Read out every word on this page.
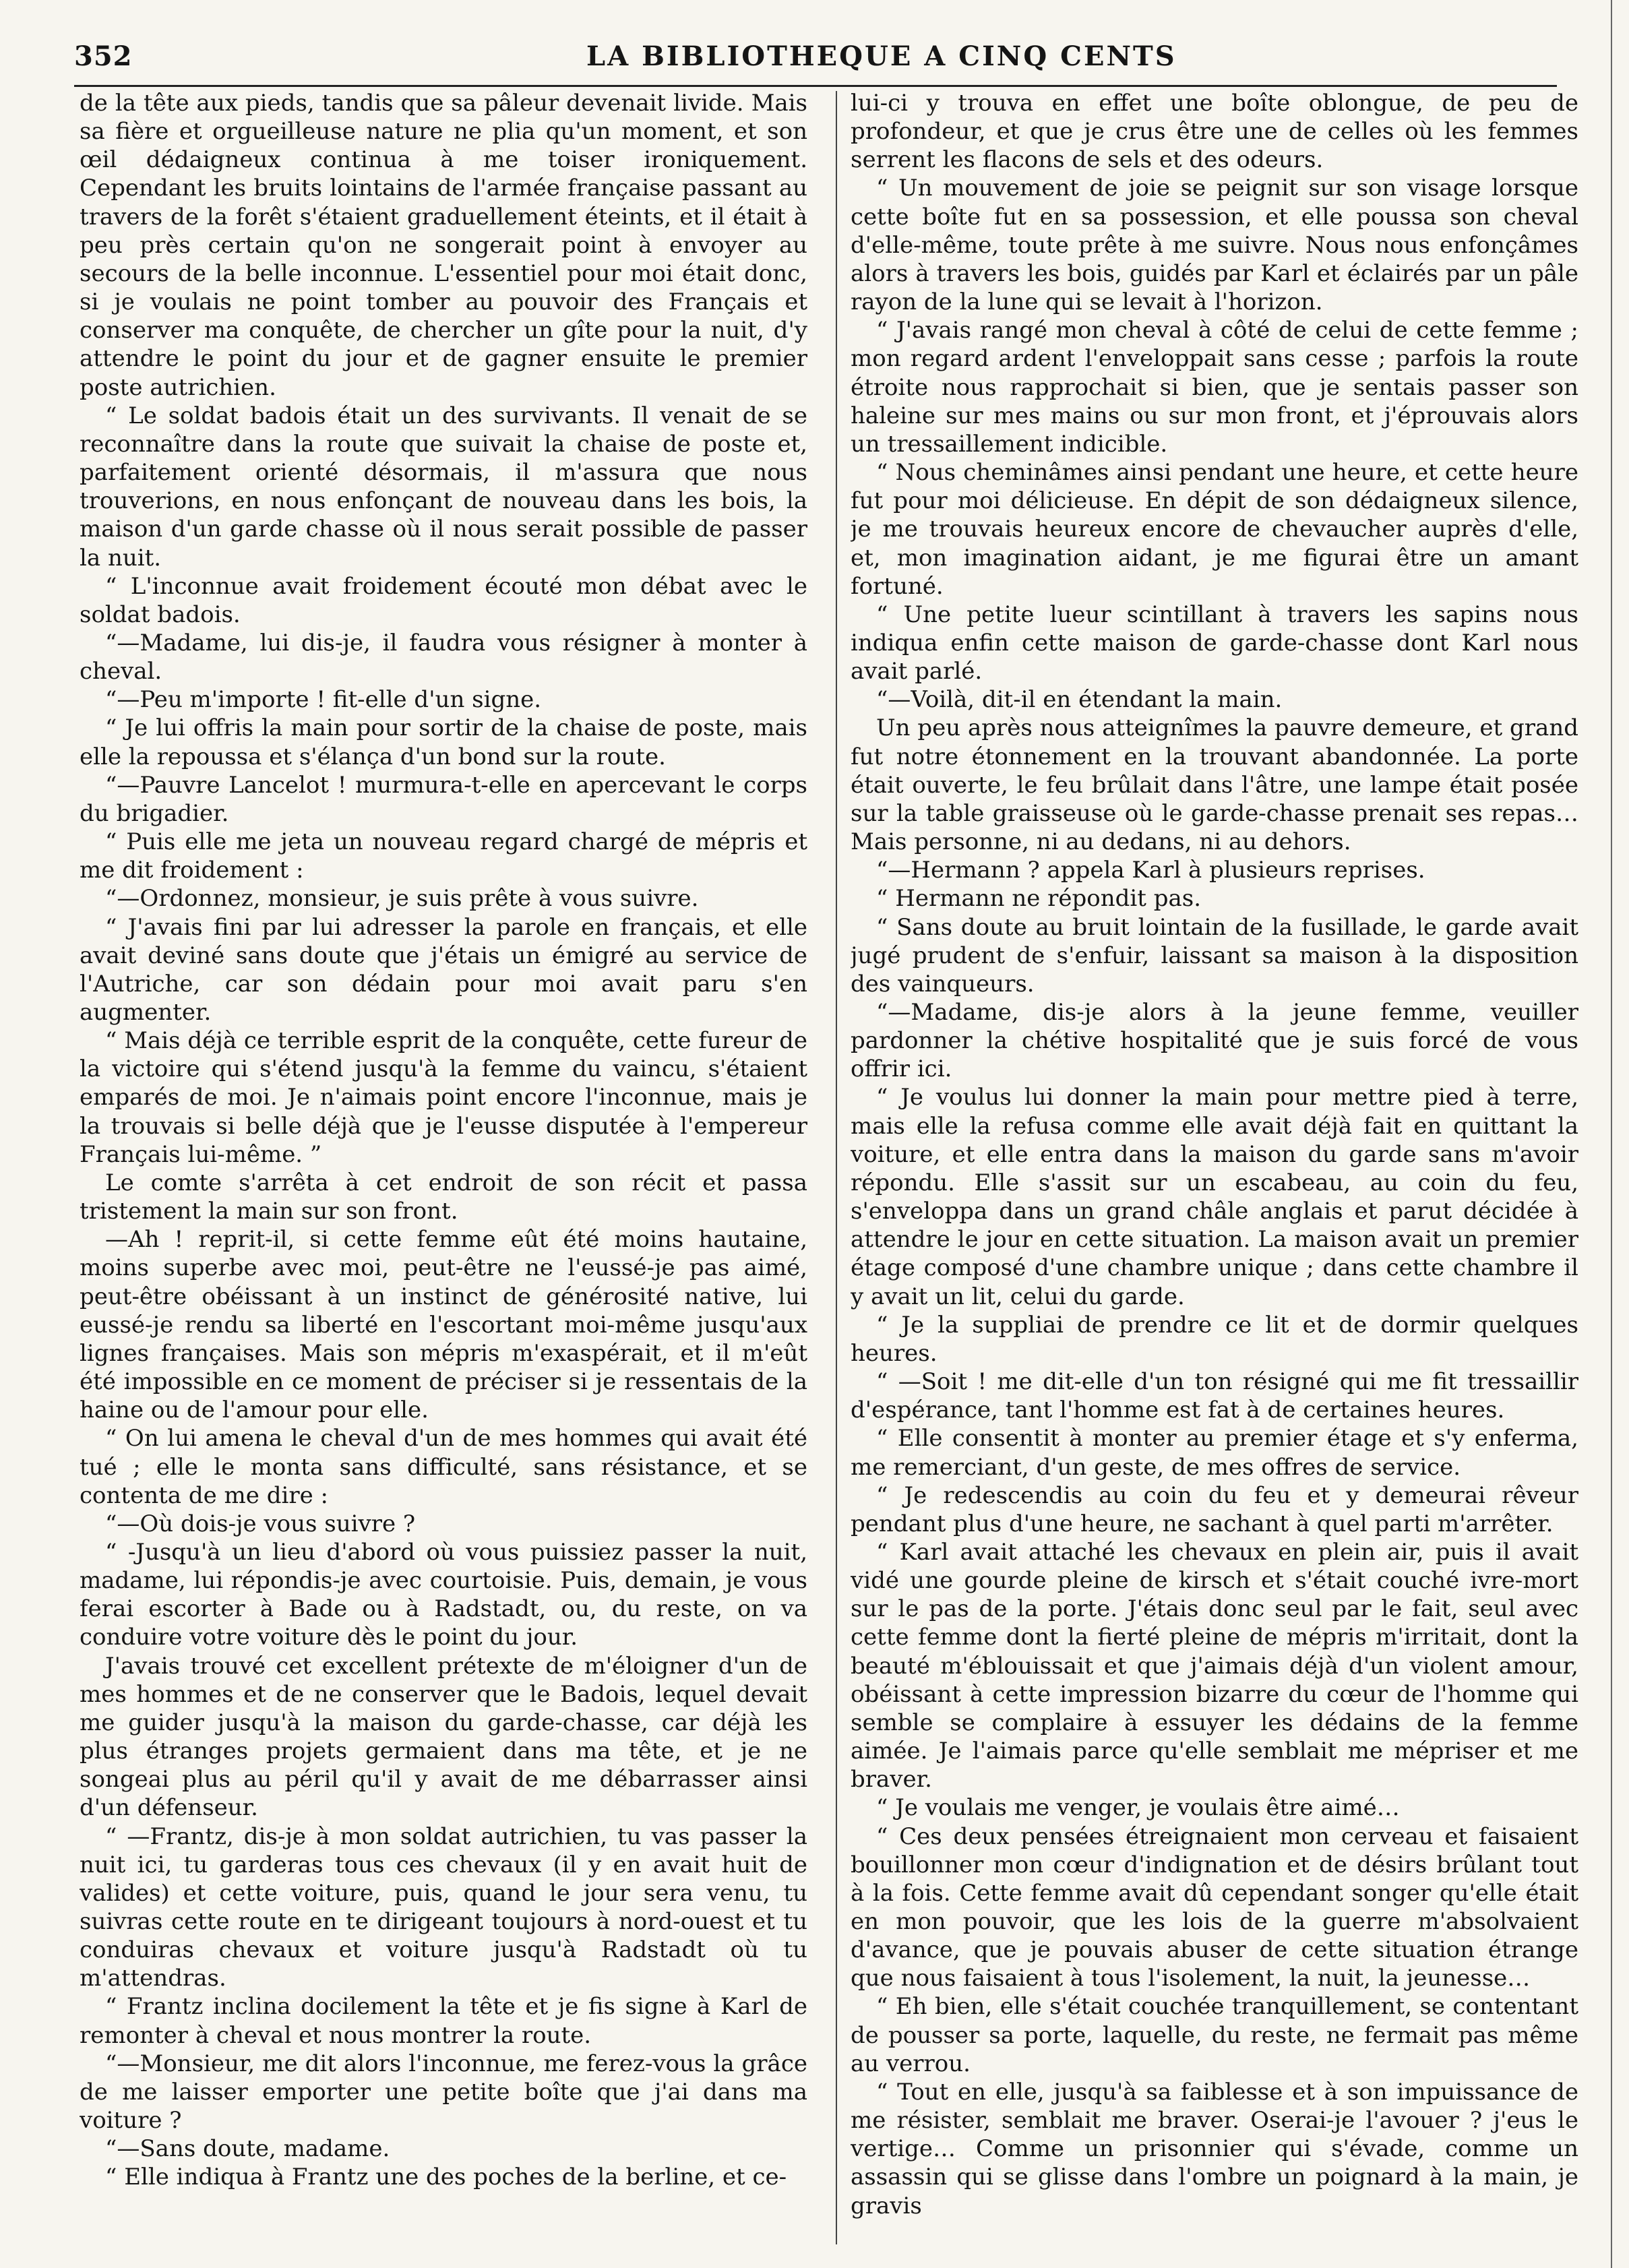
352	LA BIBLIOTHEQUE A CINQ CENTS

de la tête aux pieds, tandis que sa pâleur devenait livide. Mais sa fière et orgueilleuse nature ne plia qu'un moment, et son œil dédaigneux continua à me toiser ironiquement. Cependant les bruits lointains de l'armée française passant au travers de la forêt s'étaient graduellement éteints, et il était à peu près certain qu'on ne songerait point à envoyer au secours de la belle inconnue. L'essentiel pour moi était donc, si je voulais ne point tomber au pouvoir des Français et conserver ma conquête, de chercher un gîte pour la nuit, d'y attendre le point du jour et de gagner ensuite le premier poste autrichien.

“ Le soldat badois était un des survivants. Il venait de se reconnaître dans la route que suivait la chaise de poste et, parfaitement orienté désormais, il m'assura que nous trouverions, en nous enfonçant de nouveau dans les bois, la maison d'un garde chasse où il nous serait possible de passer la nuit.

“ L'inconnue avait froidement écouté mon débat avec le soldat badois.

“—Madame, lui dis-je, il faudra vous résigner à monter à cheval.

“—Peu m'importe ! fit-elle d'un signe.

“ Je lui offris la main pour sortir de la chaise de poste, mais elle la repoussa et s'élança d'un bond sur la route.

“—Pauvre Lancelot ! murmura-t-elle en apercevant le corps du brigadier.

“ Puis elle me jeta un nouveau regard chargé de mépris et me dit froidement :

“—Ordonnez, monsieur, je suis prête à vous suivre.

“ J'avais fini par lui adresser la parole en français, et elle avait deviné sans doute que j'étais un émigré au service de l'Autriche, car son dédain pour moi avait paru s'en augmenter.

“ Mais déjà ce terrible esprit de la conquête, cette fureur de la victoire qui s'étend jusqu'à la femme du vaincu, s'étaient emparés de moi. Je n'aimais point encore l'inconnue, mais je la trouvais si belle déjà que je l'eusse disputée à l'empereur Français lui-même. ”

Le comte s'arrêta à cet endroit de son récit et passa tristement la main sur son front.

—Ah ! reprit-il, si cette femme eût été moins hautaine, moins superbe avec moi, peut-être ne l'eussé-je pas aimé, peut-être obéissant à un instinct de générosité native, lui eussé-je rendu sa liberté en l'escortant moi-même jusqu'aux lignes françaises. Mais son mépris m'exaspérait, et il m'eût été impossible en ce moment de préciser si je ressentais de la haine ou de l'amour pour elle.

“ On lui amena le cheval d'un de mes hommes qui avait été tué ; elle le monta sans difficulté, sans résistance, et se contenta de me dire :

“—Où dois-je vous suivre ?

“ -Jusqu'à un lieu d'abord où vous puissiez passer la nuit, madame, lui répondis-je avec courtoisie. Puis, demain, je vous ferai escorter à Bade ou à Radstadt, ou, du reste, on va conduire votre voiture dès le point du jour.

J'avais trouvé cet excellent prétexte de m'éloigner d'un de mes hommes et de ne conserver que le Badois, lequel devait me guider jusqu'à la maison du garde-chasse, car déjà les plus étranges projets germaient dans ma tête, et je ne songeai plus au péril qu'il y avait de me débarrasser ainsi d'un défenseur.

“ —Frantz, dis-je à mon soldat autrichien, tu vas passer la nuit ici, tu garderas tous ces chevaux (il y en avait huit de valides) et cette voiture, puis, quand le jour sera venu, tu suivras cette route en te dirigeant toujours à nord-ouest et tu conduiras chevaux et voiture jusqu'à Radstadt où tu m'attendras.

“ Frantz inclina docilement la tête et je fis signe à Karl de remonter à cheval et nous montrer la route.

“—Monsieur, me dit alors l'inconnue, me ferez-vous la grâce de me laisser emporter une petite boîte que j'ai dans ma voiture ?

“—Sans doute, madame.

“ Elle indiqua à Frantz une des poches de la berline, et ce-

lui-ci y trouva en effet une boîte oblongue, de peu de profondeur, et que je crus être une de celles où les femmes serrent les flacons de sels et des odeurs.

“ Un mouvement de joie se peignit sur son visage lorsque cette boîte fut en sa possession, et elle poussa son cheval d'elle-même, toute prête à me suivre. Nous nous enfonçâmes alors à travers les bois, guidés par Karl et éclairés par un pâle rayon de la lune qui se levait à l'horizon.

“ J'avais rangé mon cheval à côté de celui de cette femme ; mon regard ardent l'enveloppait sans cesse ; parfois la route étroite nous rapprochait si bien, que je sentais passer son haleine sur mes mains ou sur mon front, et j'éprouvais alors un tressaillement indicible.

“ Nous cheminâmes ainsi pendant une heure, et cette heure fut pour moi délicieuse. En dépit de son dédaigneux silence, je me trouvais heureux encore de chevaucher auprès d'elle, et, mon imagination aidant, je me figurai être un amant fortuné.

“ Une petite lueur scintillant à travers les sapins nous indiqua enfin cette maison de garde-chasse dont Karl nous avait parlé.

“—Voilà, dit-il en étendant la main.

Un peu après nous atteignîmes la pauvre demeure, et grand fut notre étonnement en la trouvant abandonnée. La porte était ouverte, le feu brûlait dans l'âtre, une lampe était posée sur la table graisseuse où le garde-chasse prenait ses repas… Mais personne, ni au dedans, ni au dehors.

“—Hermann ? appela Karl à plusieurs reprises.

“ Hermann ne répondit pas.

“ Sans doute au bruit lointain de la fusillade, le garde avait jugé prudent de s'enfuir, laissant sa maison à la disposition des vainqueurs.

“—Madame, dis-je alors à la jeune femme, veuiller pardonner la chétive hospitalité que je suis forcé de vous offrir ici.

“ Je voulus lui donner la main pour mettre pied à terre, mais elle la refusa comme elle avait déjà fait en quittant la voiture, et elle entra dans la maison du garde sans m'avoir répondu. Elle s'assit sur un escabeau, au coin du feu, s'enveloppa dans un grand châle anglais et parut décidée à attendre le jour en cette situation. La maison avait un premier étage composé d'une chambre unique ; dans cette chambre il y avait un lit, celui du garde.

“ Je la suppliai de prendre ce lit et de dormir quelques heures.

“ —Soit ! me dit-elle d'un ton résigné qui me fit tressaillir d'espérance, tant l'homme est fat à de certaines heures.

“ Elle consentit à monter au premier étage et s'y enferma, me remerciant, d'un geste, de mes offres de service.

“ Je redescendis au coin du feu et y demeurai rêveur pendant plus d'une heure, ne sachant à quel parti m'arrêter.

“ Karl avait attaché les chevaux en plein air, puis il avait vidé une gourde pleine de kirsch et s'était couché ivre-mort sur le pas de la porte. J'étais donc seul par le fait, seul avec cette femme dont la fierté pleine de mépris m'irritait, dont la beauté m'éblouissait et que j'aimais déjà d'un violent amour, obéissant à cette impression bizarre du cœur de l'homme qui semble se complaire à essuyer les dédains de la femme aimée. Je l'aimais parce qu'elle semblait me mépriser et me braver.

“ Je voulais me venger, je voulais être aimé…

“ Ces deux pensées étreignaient mon cerveau et faisaient bouillonner mon cœur d'indignation et de désirs brûlant tout à la fois. Cette femme avait dû cependant songer qu'elle était en mon pouvoir, que les lois de la guerre m'absolvaient d'avance, que je pouvais abuser de cette situation étrange que nous faisaient à tous l'isolement, la nuit, la jeunesse…

“ Eh bien, elle s'était couchée tranquillement, se contentant de pousser sa porte, laquelle, du reste, ne fermait pas même au verrou.

“ Tout en elle, jusqu'à sa faiblesse et à son impuissance de me résister, semblait me braver. Oserai-je l'avouer ? j'eus le vertige… Comme un prisonnier qui s'évade, comme un assassin qui se glisse dans l'ombre un poignard à la main, je gravis
